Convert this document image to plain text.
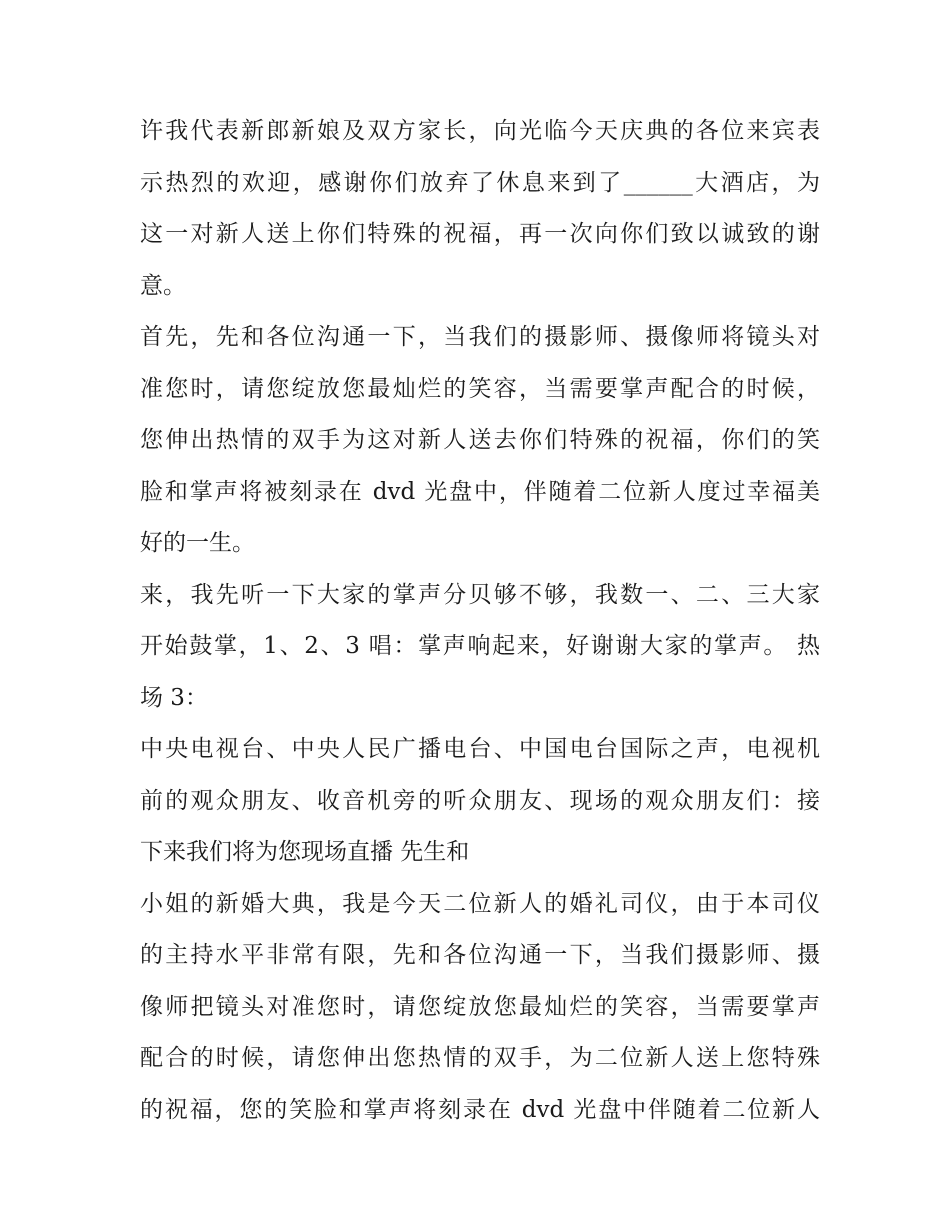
许我代表新郎新娘及双方家长，向光临今天庆典的各位来宾表
示热烈的欢迎，感谢你们放弃了休息来到了______大酒店，为
这一对新人送上你们特殊的祝福，再一次向你们致以诚致的谢
意。
首先，先和各位沟通一下，当我们的摄影师、摄像师将镜头对
准您时，请您绽放您最灿烂的笑容，当需要掌声配合的时候，
您伸出热情的双手为这对新人送去你们特殊的祝福，你们的笑
脸和掌声将被刻录在 dvd 光盘中，伴随着二位新人度过幸福美
好的一生。
来，我先听一下大家的掌声分贝够不够，我数一、二、三大家
开始鼓掌，1、2、3 唱：掌声响起来，好谢谢大家的掌声。 热
场 3：
中央电视台、中央人民广播电台、中国电台国际之声，电视机
前的观众朋友、收音机旁的听众朋友、现场的观众朋友们：接
下来我们将为您现场直播 先生和
小姐的新婚大典，我是今天二位新人的婚礼司仪，由于本司仪
的主持水平非常有限，先和各位沟通一下，当我们摄影师、摄
像师把镜头对准您时，请您绽放您最灿烂的笑容，当需要掌声
配合的时候，请您伸出您热情的双手，为二位新人送上您特殊
的祝福，您的笑脸和掌声将刻录在 dvd 光盘中伴随着二位新人
